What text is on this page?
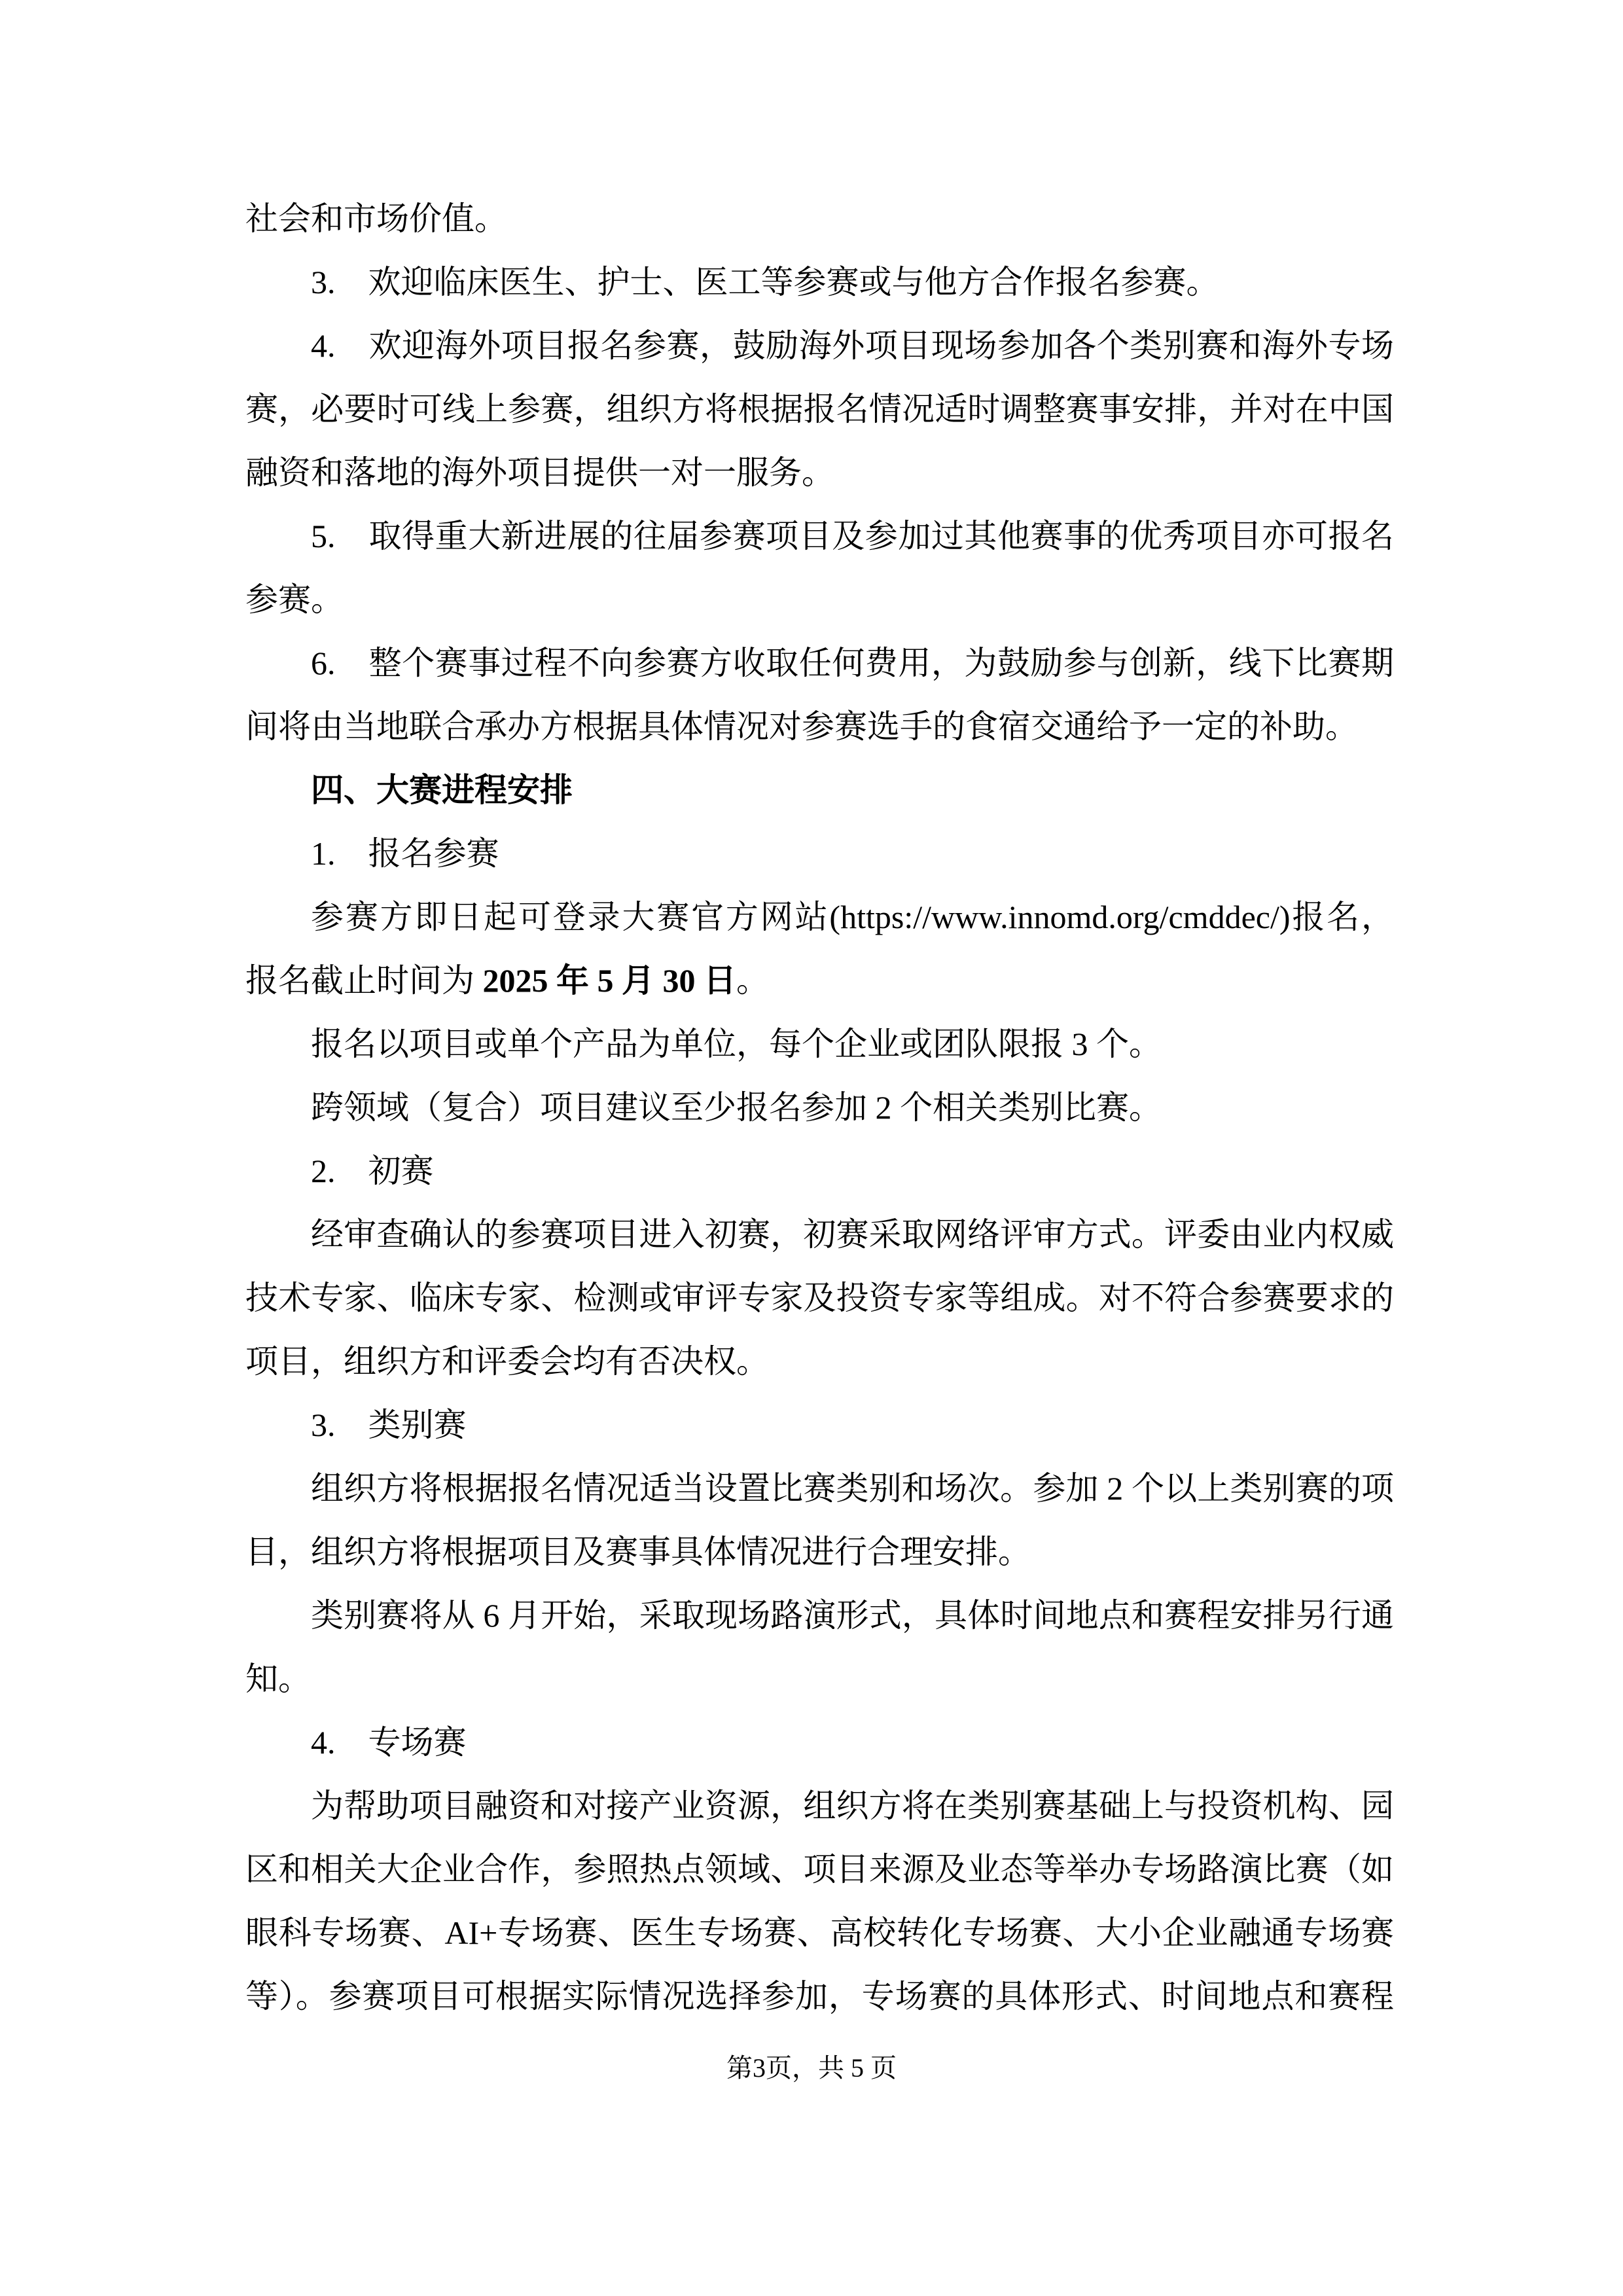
社会和市场价值。
3.　欢迎临床医生、护士、医工等参赛或与他方合作报名参赛。
4.　欢迎海外项目报名参赛，鼓励海外项目现场参加各个类别赛和海外专场
赛，必要时可线上参赛，组织方将根据报名情况适时调整赛事安排，并对在中国
融资和落地的海外项目提供一对一服务。
5.　取得重大新进展的往届参赛项目及参加过其他赛事的优秀项目亦可报名
参赛。
6.　整个赛事过程不向参赛方收取任何费用，为鼓励参与创新，线下比赛期
间将由当地联合承办方根据具体情况对参赛选手的食宿交通给予一定的补助。
四、大赛进程安排
1.　报名参赛
参赛方即日起可登录大赛官方网站(https://www.innomd.org/cmddec/)报名，
报名截止时间为 2025 年 5 月 30 日。
报名以项目或单个产品为单位，每个企业或团队限报 3 个。
跨领域（复合）项目建议至少报名参加 2 个相关类别比赛。
2.　初赛
经审查确认的参赛项目进入初赛，初赛采取网络评审方式。评委由业内权威
技术专家、临床专家、检测或审评专家及投资专家等组成。对不符合参赛要求的
项目，组织方和评委会均有否决权。
3.　类别赛
组织方将根据报名情况适当设置比赛类别和场次。参加 2 个以上类别赛的项
目，组织方将根据项目及赛事具体情况进行合理安排。
类别赛将从 6 月开始，采取现场路演形式，具体时间地点和赛程安排另行通
知。
4.　专场赛
为帮助项目融资和对接产业资源，组织方将在类别赛基础上与投资机构、园
区和相关大企业合作，参照热点领域、项目来源及业态等举办专场路演比赛（如
眼科专场赛、AI+专场赛、医生专场赛、高校转化专场赛、大小企业融通专场赛
等）。参赛项目可根据实际情况选择参加，专场赛的具体形式、时间地点和赛程
第3页，共 5 页
